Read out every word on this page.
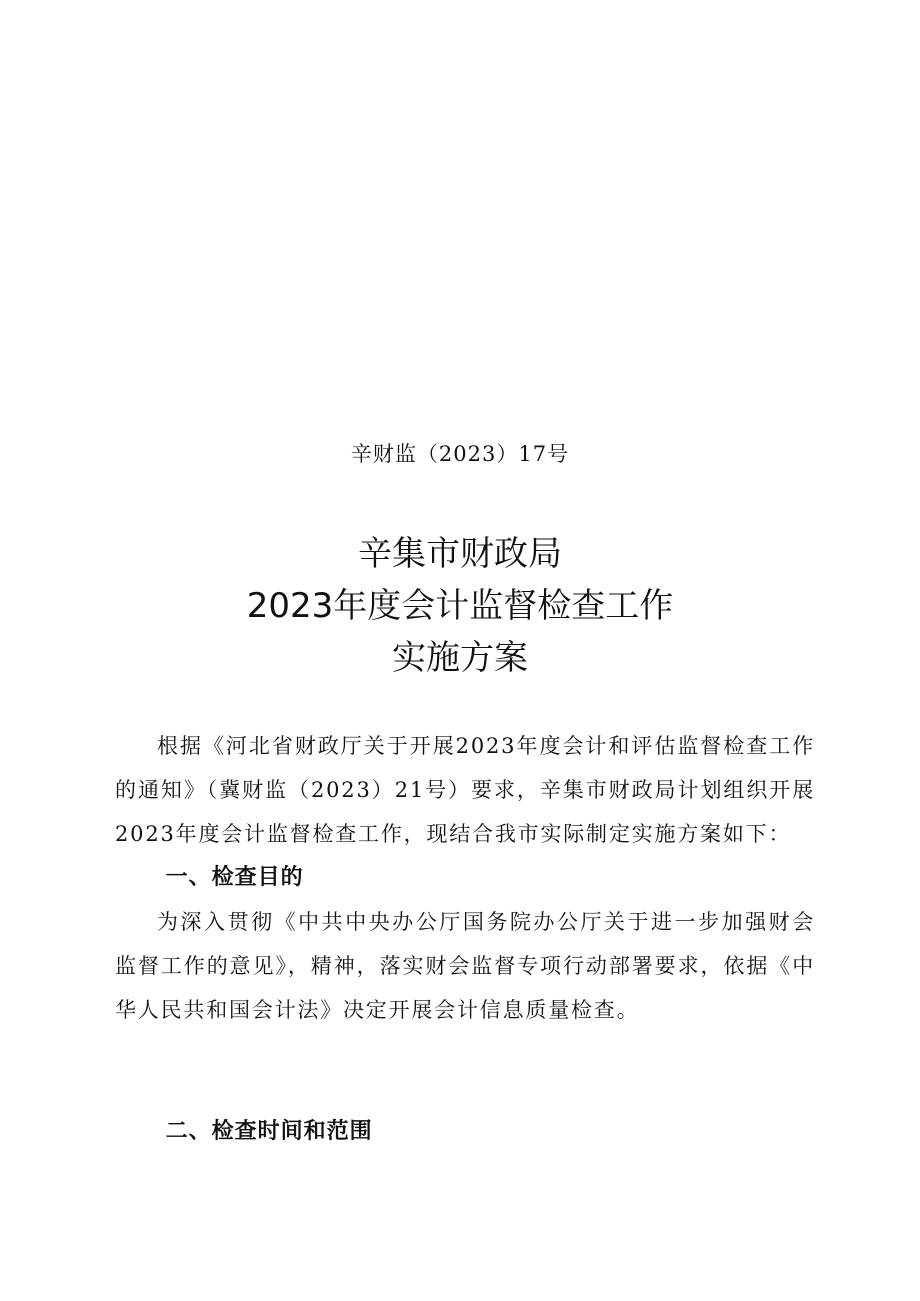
辛财监（2023）17号
辛集市财政局
2023年度会计监督检查工作
实施方案

根据《河北省财政厅关于开展2023年度会计和评估监督检查工作的通知》（冀财监（2023）21号）要求，辛集市财政局计划组织开展2023年度会计监督检查工作，现结合我市实际制定实施方案如下：

一、检查目的

为深入贯彻《中共中央办公厅国务院办公厅关于进一步加强财会监督工作的意见》，精神，落实财会监督专项行动部署要求，依据《中华人民共和国会计法》决定开展会计信息质量检查。

二、检查时间和范围
